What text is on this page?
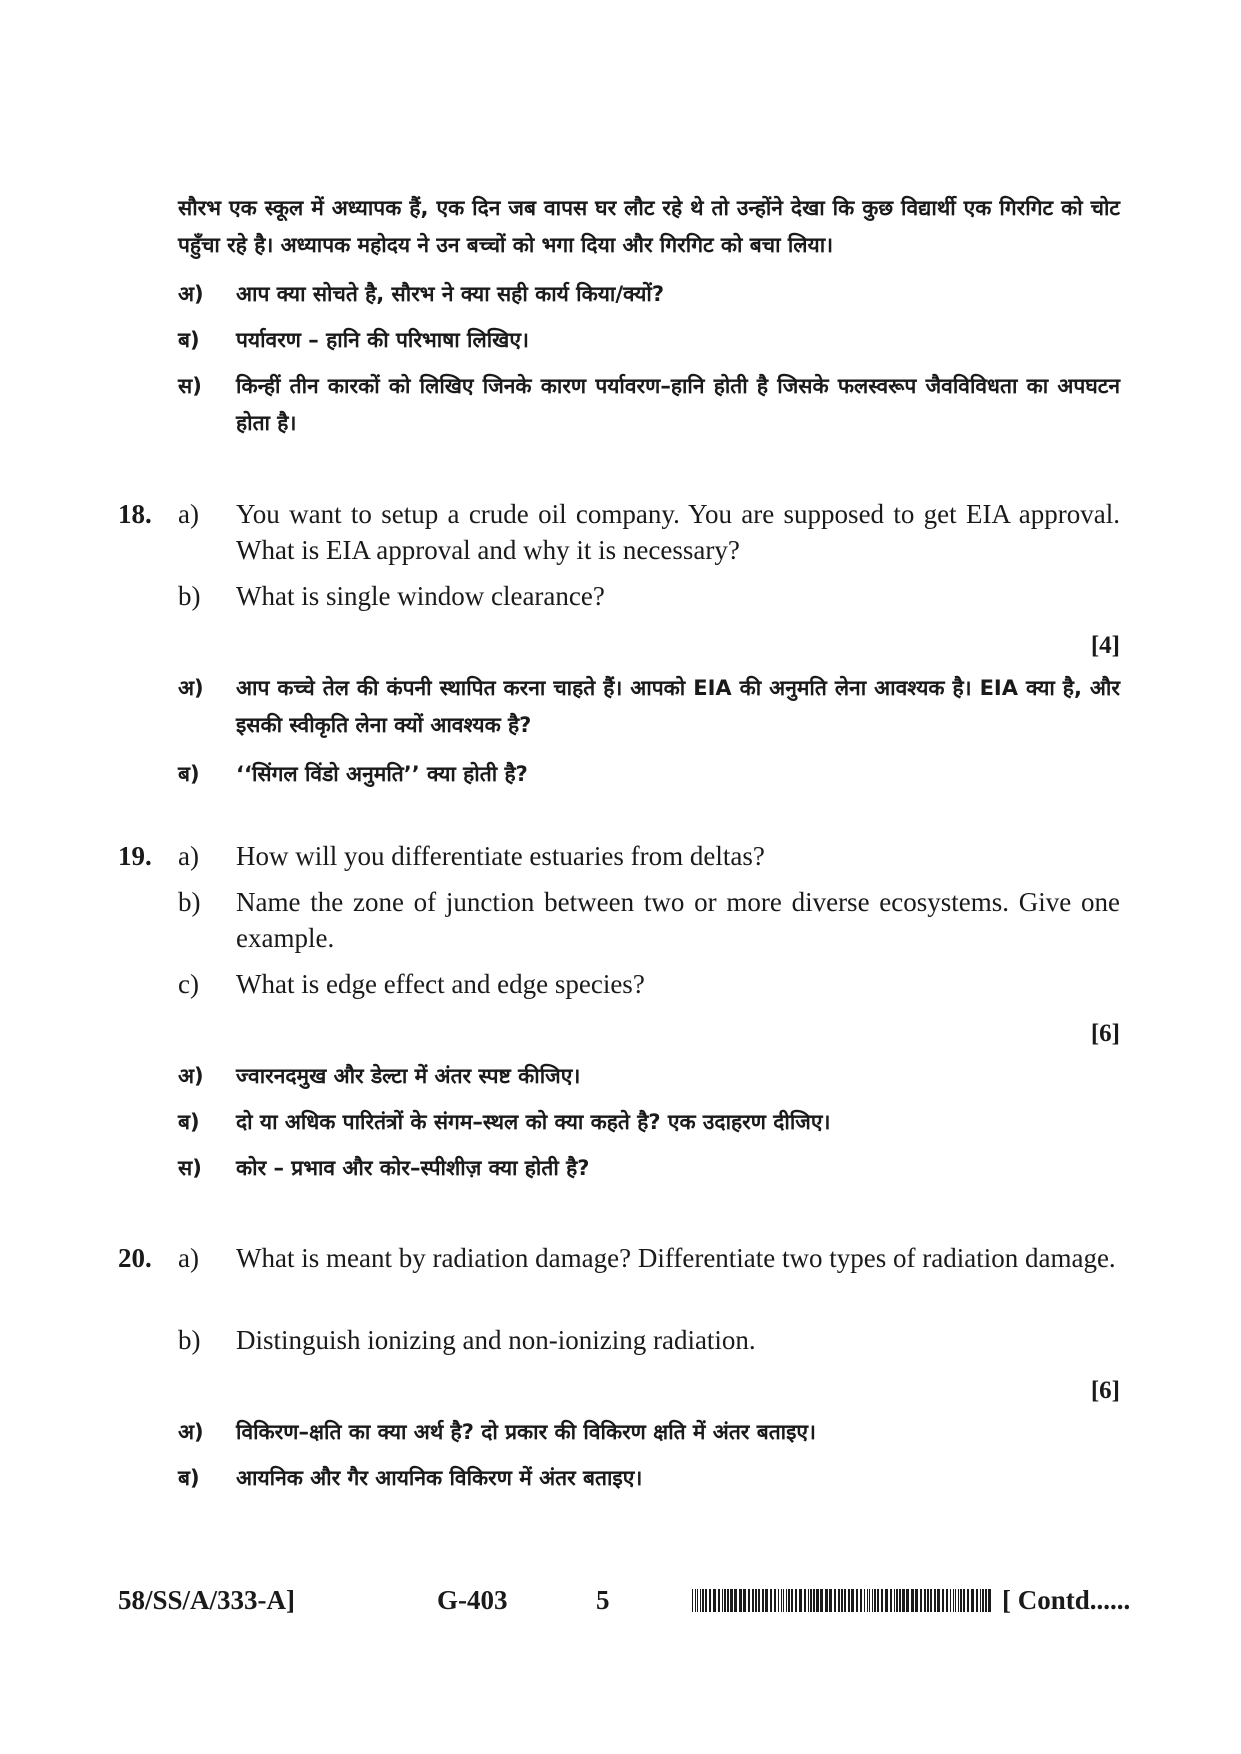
सौरभ एक स्कूल में अध्यापक हैं, एक दिन जब वापस घर लौट रहे थे तो उन्होंने देखा कि कुछ विद्यार्थी एक गिरगिट को चोट पहुँचा रहे है। अध्यापक महोदय ने उन बच्चों को भगा दिया और गिरगिट को बचा लिया।
अ)	आप क्या सोचते है, सौरभ ने क्या सही कार्य किया/क्यों?
ब)	पर्यावरण – हानि की परिभाषा लिखिए।
स)	किन्हीं तीन कारकों को लिखिए जिनके कारण पर्यावरण–हानि होती है जिसके फलस्वरूप जैवविविधता का अपघटन होता है।
18. a)	You want to setup a crude oil company. You are supposed to get EIA approval. What is EIA approval and why it is necessary?
b)	What is single window clearance?
[4]
अ)	आप कच्चे तेल की कंपनी स्थापित करना चाहते हैं। आपको EIA की अनुमति लेना आवश्यक है। EIA क्या है, और इसकी स्वीकृति लेना क्यों आवश्यक है?
ब)	‘‘सिंगल विंडो अनुमति’’ क्या होती है?
19. a)	How will you differentiate estuaries from deltas?
b)	Name the zone of junction between two or more diverse ecosystems. Give one example.
c)	What is edge effect and edge species?
[6]
अ)	ज्वारनदमुख और डेल्टा में अंतर स्पष्ट कीजिए।
ब)	दो या अधिक पारितंत्रों के संगम–स्थल को क्या कहते है? एक उदाहरण दीजिए।
स)	कोर – प्रभाव और कोर–स्पीशीज़ क्या होती है?
20. a)	What is meant by radiation damage? Differentiate two types of radiation damage.
b)	Distinguish ionizing and non-ionizing radiation.
[6]
अ)	विकिरण–क्षति का क्या अर्थ है? दो प्रकार की विकिरण क्षति में अंतर बताइए।
ब)	आयनिक और गैर आयनिक विकिरण में अंतर बताइए।
58/SS/A/333-A]	G-403	5	[ Contd......
